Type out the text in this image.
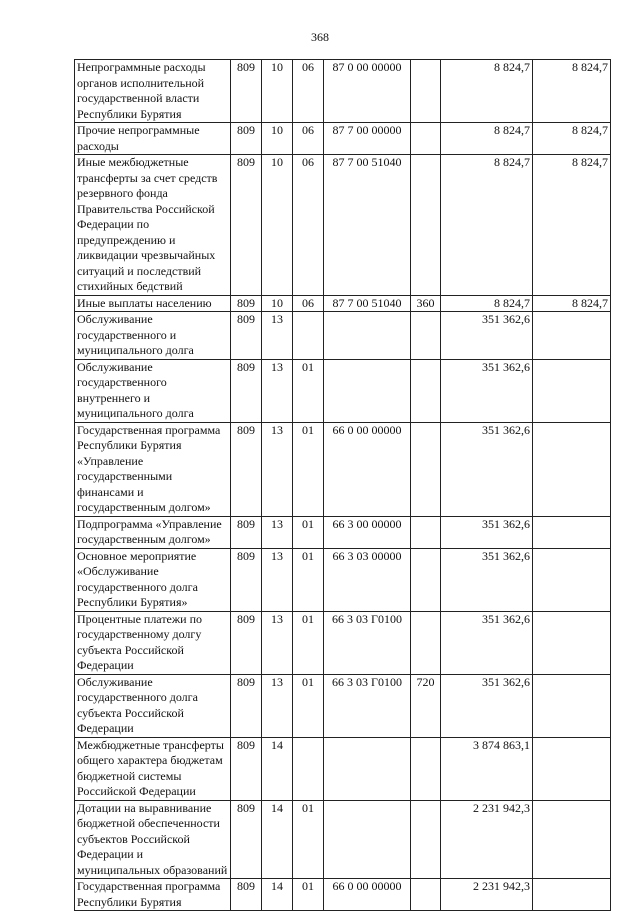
368
Непрограммные расходы органов исполнительной государственной власти Республики Бурятия	809	10	06	87 0 00 00000		8 824,7	8 824,7
Прочие непрограммные расходы	809	10	06	87 7 00 00000		8 824,7	8 824,7
Иные межбюджетные трансферты за счет средств резервного фонда Правительства Российской Федерации по предупреждению и ликвидации чрезвычайных ситуаций и последствий стихийных бедствий	809	10	06	87 7 00 51040		8 824,7	8 824,7
Иные выплаты населению	809	10	06	87 7 00 51040	360	8 824,7	8 824,7
Обслуживание государственного и муниципального долга	809	13				351 362,6	
Обслуживание государственного внутреннего и муниципального долга	809	13	01			351 362,6	
Государственная программа Республики Бурятия «Управление государственными финансами и государственным долгом»	809	13	01	66 0 00 00000		351 362,6	
Подпрограмма «Управление государственным долгом»	809	13	01	66 3 00 00000		351 362,6	
Основное мероприятие «Обслуживание государственного долга Республики Бурятия»	809	13	01	66 3 03 00000		351 362,6	
Процентные платежи по государственному долгу субъекта Российской Федерации	809	13	01	66 3 03 Г0100		351 362,6	
Обслуживание государственного долга субъекта Российской Федерации	809	13	01	66 3 03 Г0100	720	351 362,6	
Межбюджетные трансферты общего характера бюджетам бюджетной системы Российской Федерации	809	14				3 874 863,1	
Дотации на выравнивание бюджетной обеспеченности субъектов Российской Федерации и муниципальных образований	809	14	01			2 231 942,3	
Государственная программа Республики Бурятия	809	14	01	66 0 00 00000		2 231 942,3	
